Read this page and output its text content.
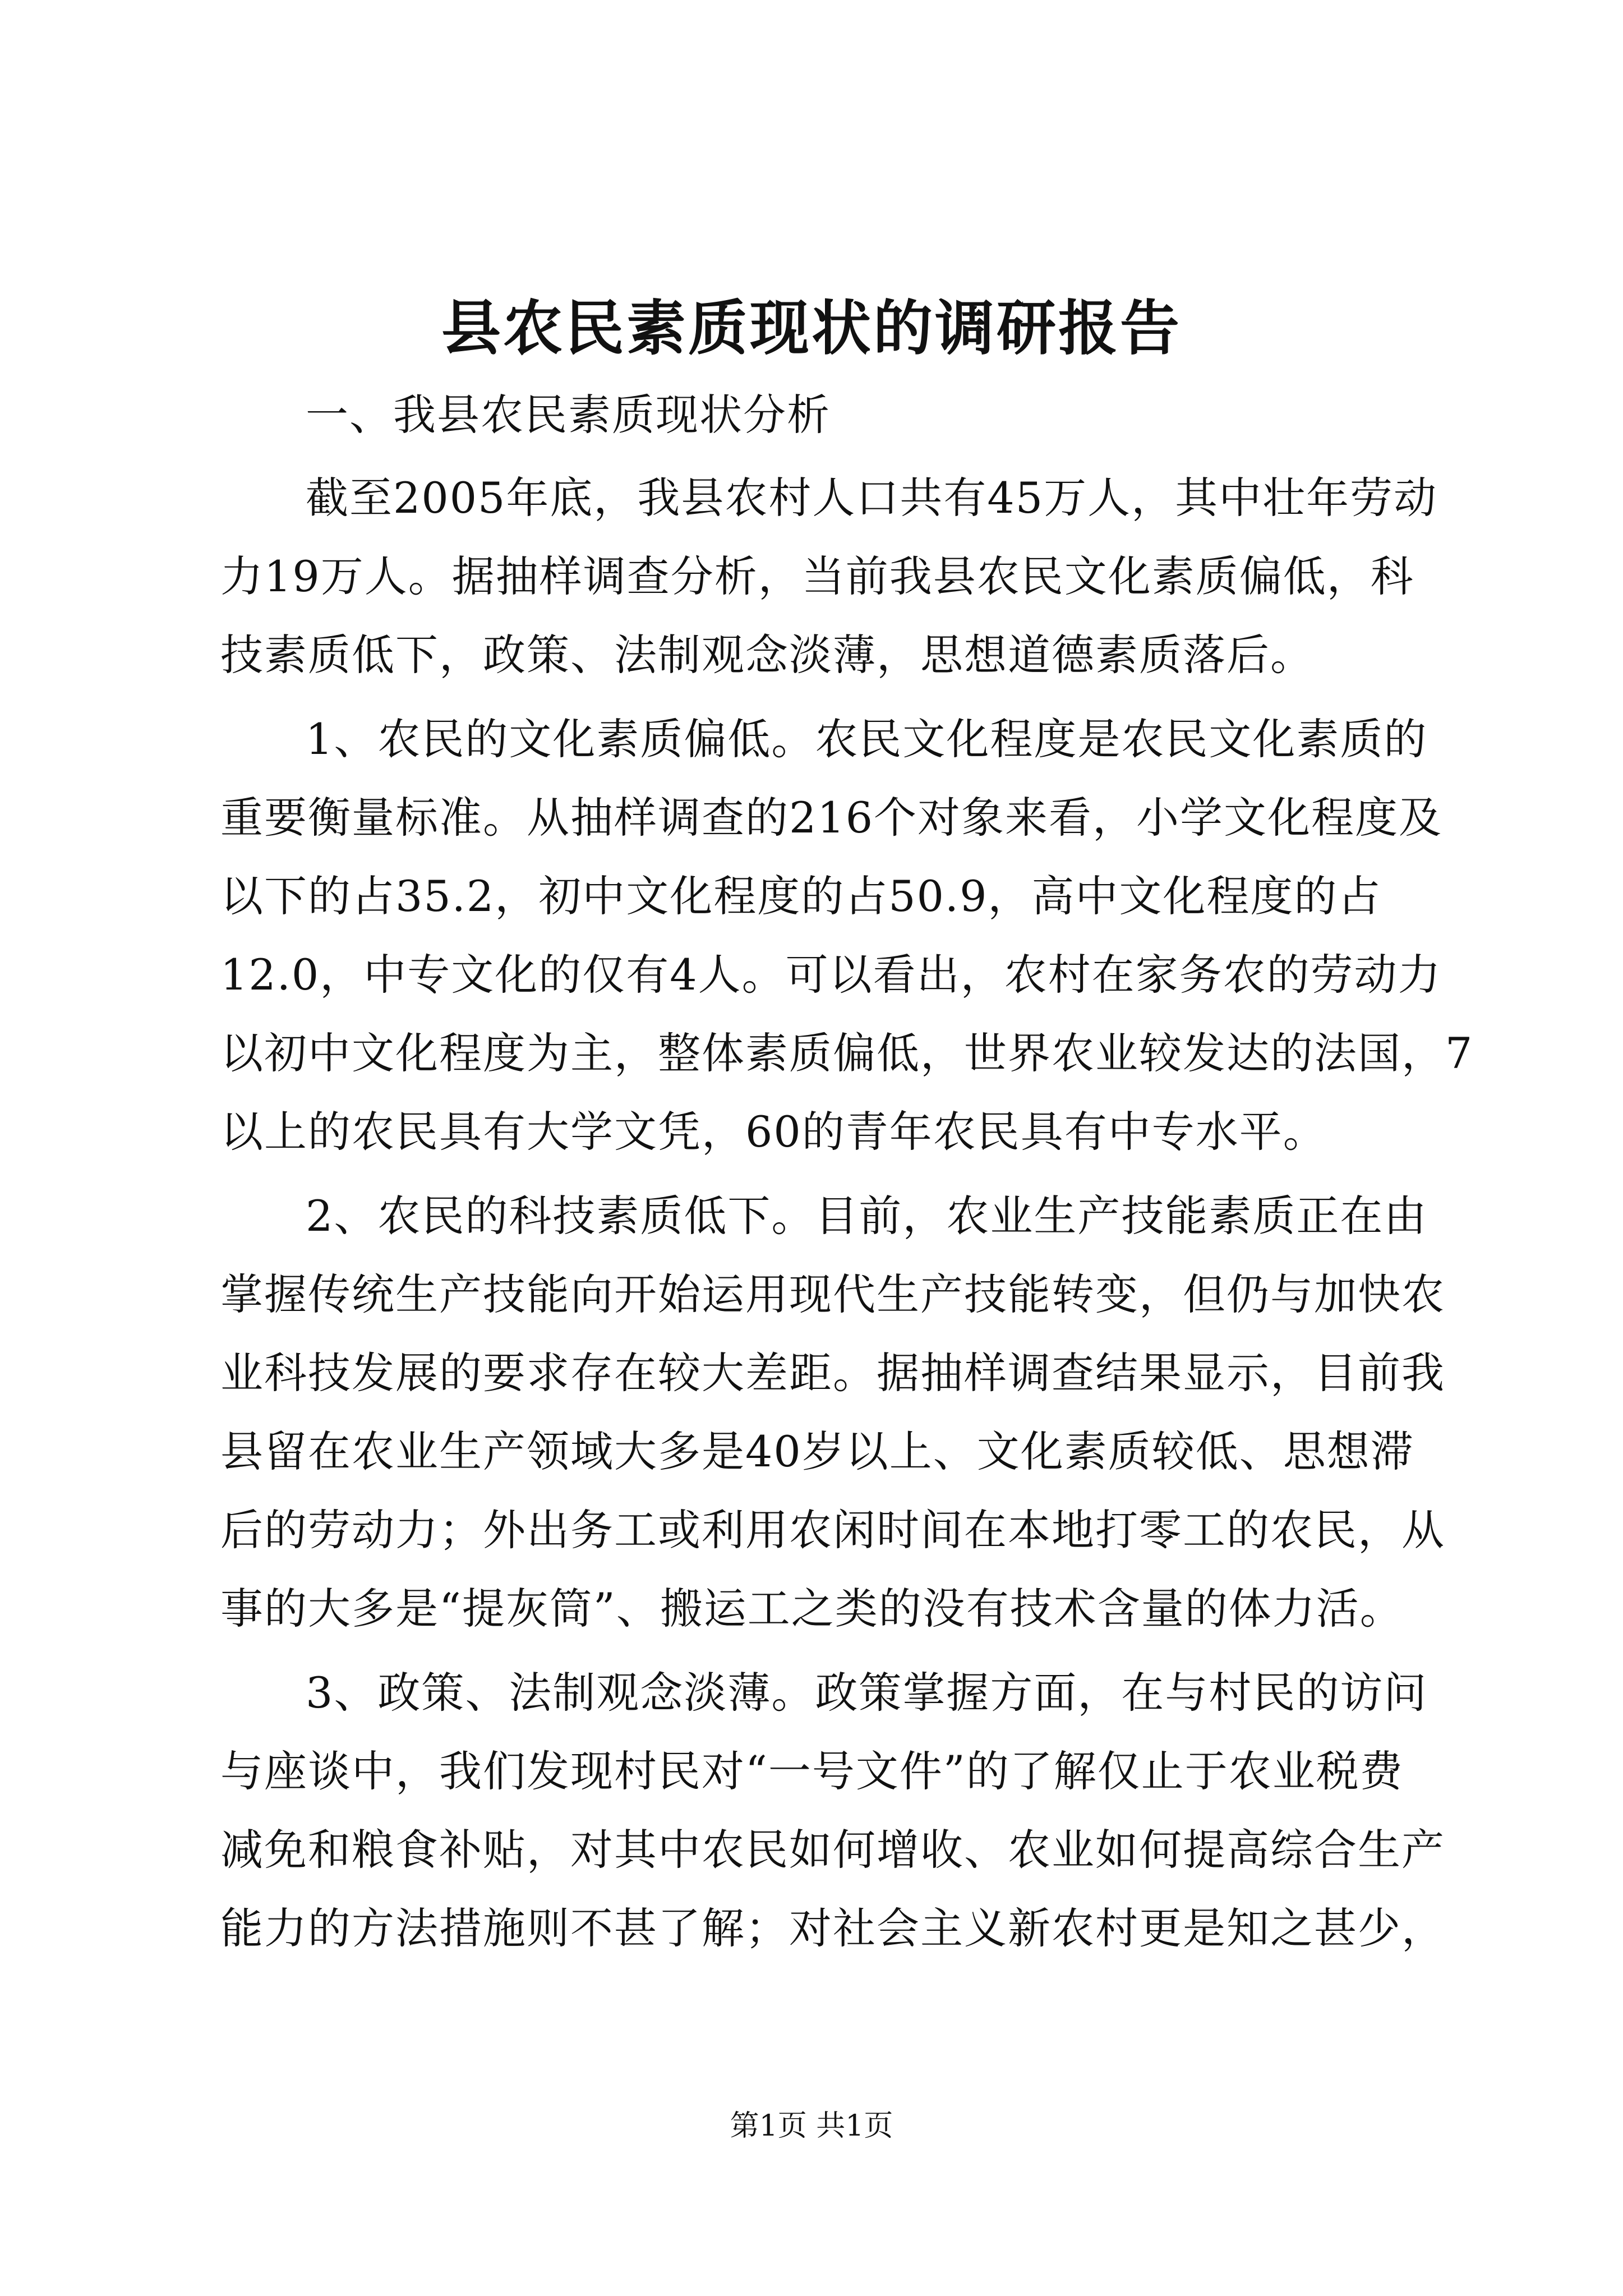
县农民素质现状的调研报告
一、我县农民素质现状分析
截至2005年底，我县农村人口共有45万人，其中壮年劳动
力19万人。据抽样调查分析，当前我县农民文化素质偏低，科
技素质低下，政策、法制观念淡薄，思想道德素质落后。
1、农民的文化素质偏低。农民文化程度是农民文化素质的
重要衡量标准。从抽样调查的216个对象来看，小学文化程度及
以下的占35.2，初中文化程度的占50.9，高中文化程度的占
12.0，中专文化的仅有4人。可以看出，农村在家务农的劳动力
以初中文化程度为主，整体素质偏低，世界农业较发达的法国，7
以上的农民具有大学文凭，60的青年农民具有中专水平。
2、农民的科技素质低下。目前，农业生产技能素质正在由
掌握传统生产技能向开始运用现代生产技能转变，但仍与加快农
业科技发展的要求存在较大差距。据抽样调查结果显示，目前我
县留在农业生产领域大多是40岁以上、文化素质较低、思想滞
后的劳动力；外出务工或利用农闲时间在本地打零工的农民，从
事的大多是“提灰筒”、搬运工之类的没有技术含量的体力活。
3、政策、法制观念淡薄。政策掌握方面，在与村民的访问
与座谈中，我们发现村民对“一号文件”的了解仅止于农业税费
减免和粮食补贴，对其中农民如何增收、农业如何提高综合生产
能力的方法措施则不甚了解；对社会主义新农村更是知之甚少，
第1页 共1页
